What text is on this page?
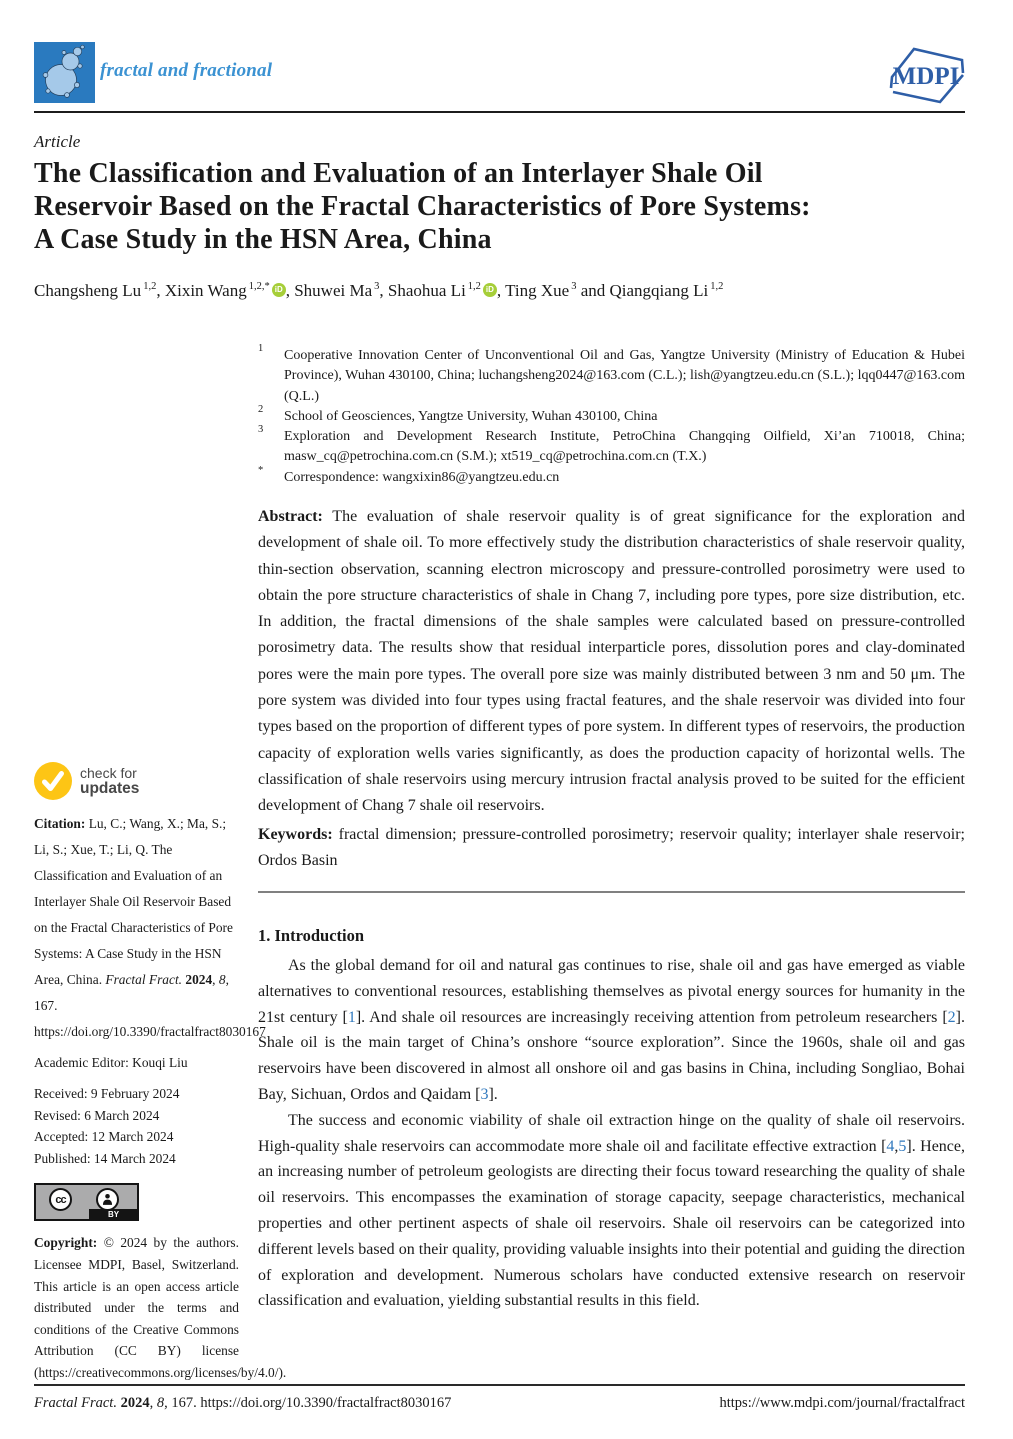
fractal and fractional	MDPI
Article
The Classification and Evaluation of an Interlayer Shale Oil
Reservoir Based on the Fractal Characteristics of Pore Systems:
A Case Study in the HSN Area, China
Changsheng Lu $^{1,2}$, Xixin Wang $^{1,2,*}$ iD , Shuwei Ma $^3$, Shaohua Li $^{1,2}$ iD , Ting Xue $^3$ and Qiangqiang Li $^{1,2}$
1	Cooperative Innovation Center of Unconventional Oil and Gas, Yangtze University (Ministry of Education & Hubei Province), Wuhan 430100, China; luchangsheng2024@163.com (C.L.); lish@yangtzeu.edu.cn (S.L.); lqq0447@163.com (Q.L.)
2	School of Geosciences, Yangtze University, Wuhan 430100, China
3	Exploration and Development Research Institute, PetroChina Changqing Oilfield, Xi’an 710018, China; masw_cq@petrochina.com.cn (S.M.); xt519_cq@petrochina.com.cn (T.X.)
*	Correspondence: wangxixin86@yangtzeu.edu.cn
Abstract: The evaluation of shale reservoir quality is of great significance for the exploration and development of shale oil. To more effectively study the distribution characteristics of shale reservoir quality, thin-section observation, scanning electron microscopy and pressure-controlled porosimetry were used to obtain the pore structure characteristics of shale in Chang 7, including pore types, pore size distribution, etc. In addition, the fractal dimensions of the shale samples were calculated based on pressure-controlled porosimetry data. The results show that residual interparticle pores, dissolution pores and clay-dominated pores were the main pore types. The overall pore size was mainly distributed between 3 nm and 50 μm. The pore system was divided into four types using fractal features, and the shale reservoir was divided into four types based on the proportion of different types of pore system. In different types of reservoirs, the production capacity of exploration wells varies significantly, as does the production capacity of horizontal wells. The classification of shale reservoirs using mercury intrusion fractal analysis proved to be suited for the efficient development of Chang 7 shale oil reservoirs.
Keywords: fractal dimension; pressure-controlled porosimetry; reservoir quality; interlayer shale reservoir; Ordos Basin
1. Introduction

As the global demand for oil and natural gas continues to rise, shale oil and gas have emerged as viable alternatives to conventional resources, establishing themselves as pivotal energy sources for humanity in the 21st century [1]. And shale oil resources are increasingly receiving attention from petroleum researchers [2]. Shale oil is the main target of China’s onshore “source exploration”. Since the 1960s, shale oil and gas reservoirs have been discovered in almost all onshore oil and gas basins in China, including Songliao, Bohai Bay, Sichuan, Ordos and Qaidam [3].

The success and economic viability of shale oil extraction hinge on the quality of shale oil reservoirs. High-quality shale reservoirs can accommodate more shale oil and facilitate effective extraction [4,5]. Hence, an increasing number of petroleum geologists are directing their focus toward researching the quality of shale oil reservoirs. This encompasses the examination of storage capacity, seepage characteristics, mechanical properties and other pertinent aspects of shale oil reservoirs. Shale oil reservoirs can be categorized into different levels based on their quality, providing valuable insights into their potential and guiding the direction of exploration and development. Numerous scholars have conducted extensive research on reservoir classification and evaluation, yielding substantial results in this field.

check for
updates

Citation: Lu, C.; Wang, X.; Ma, S.; Li, S.; Xue, T.; Li, Q. The Classification and Evaluation of an Interlayer Shale Oil Reservoir Based on the Fractal Characteristics of Pore Systems: A Case Study in the HSN Area, China. Fractal Fract. 2024, 8, 167. https://doi.org/10.3390/fractalfract8030167

Academic Editor: Kouqi Liu

Received: 9 February 2024

Revised: 6 March 2024

Accepted: 12 March 2024

Published: 14 March 2024

cc
BY

Copyright: © 2024 by the authors. Licensee MDPI, Basel, Switzerland. This article is an open access article distributed under the terms and conditions of the Creative Commons Attribution (CC BY) license (https://creativecommons.org/licenses/by/4.0/).

Fractal Fract. 2024, 8, 167. https://doi.org/10.3390/fractalfract8030167	https://www.mdpi.com/journal/fractalfract
